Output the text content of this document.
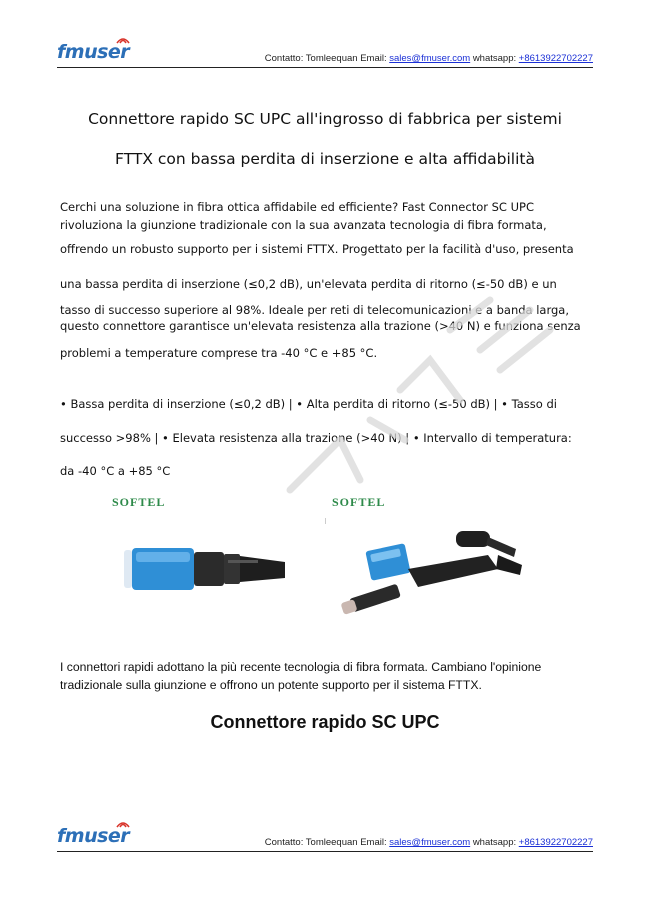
fmuser	Contatto: Tomleequan Email: sales@fmuser.com whatsapp: +8613922702227
Connettore rapido SC UPC all'ingrosso di fabbrica per sistemi
FTTX con bassa perdita di inserzione e alta affidabilità
Cerchi una soluzione in fibra ottica affidabile ed efficiente? Fast Connector SC UPC
rivoluziona la giunzione tradizionale con la sua avanzata tecnologia di fibra formata,
offrendo un robusto supporto per i sistemi FTTX. Progettato per la facilità d'uso, presenta
una bassa perdita di inserzione (≤0,2 dB), un'elevata perdita di ritorno (≤-50 dB) e un
tasso di successo superiore al 98%. Ideale per reti di telecomunicazioni e a banda larga,
questo connettore garantisce un'elevata resistenza alla trazione (>40 N) e funziona senza
problemi a temperature comprese tra -40 °C e +85 °C.
• Bassa perdita di inserzione (≤0,2 dB) | • Alta perdita di ritorno (≤-50 dB) | • Tasso di
successo >98% | • Elevata resistenza alla trazione (>40 N) | • Intervallo di temperatura:
da -40 °C a +85 °C
SOFTEL	SOFTEL
I connettori rapidi adottano la più recente tecnologia di fibra formata. Cambiano l'opinione
tradizionale sulla giunzione e offrono un potente supporto per il sistema FTTX.
Connettore rapido SC UPC
fmuser	Contatto: Tomleequan Email: sales@fmuser.com whatsapp: +8613922702227
